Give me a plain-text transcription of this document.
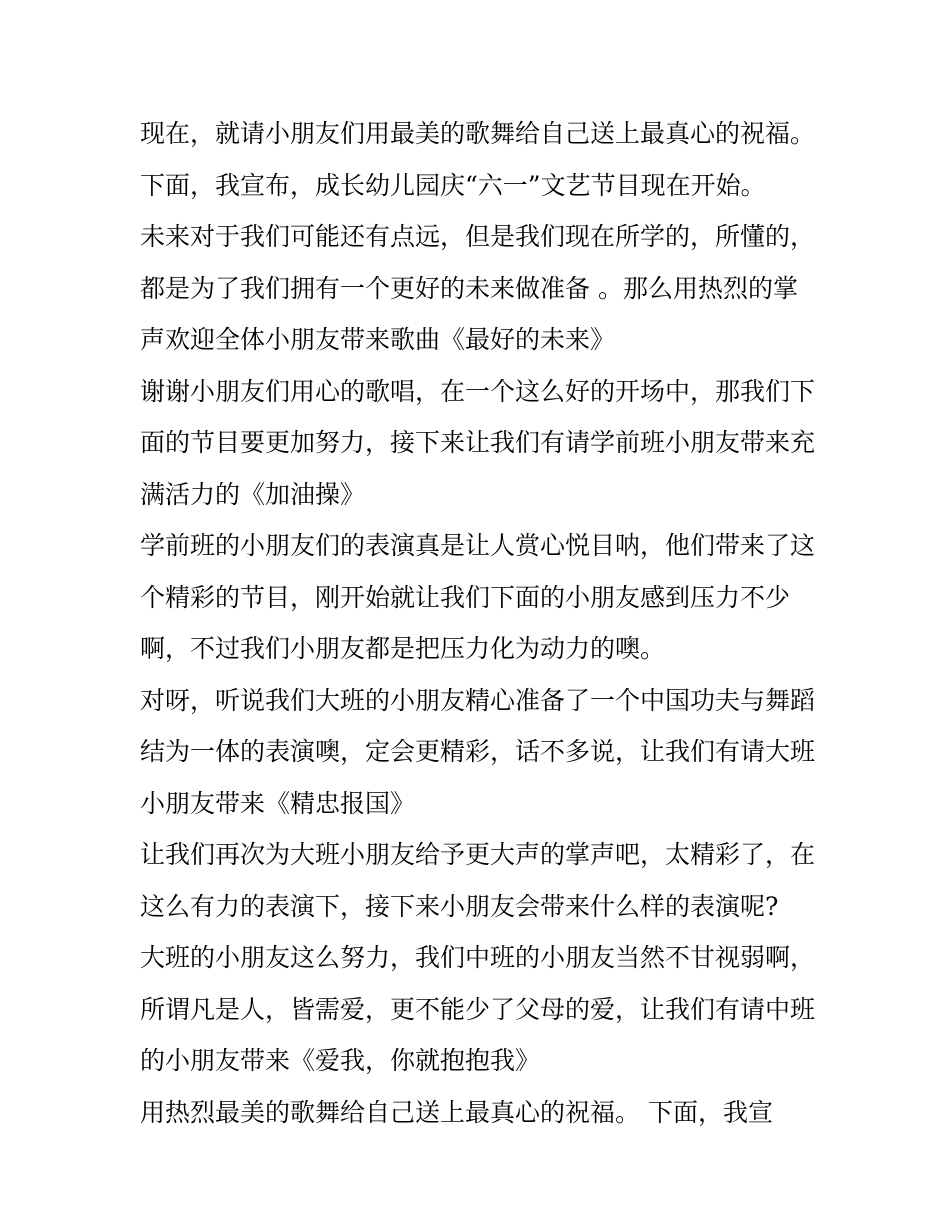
现在，就请小朋友们用最美的歌舞给自己送上最真心的祝福。
下面，我宣布，成长幼儿园庆“六一”文艺节目现在开始。
未来对于我们可能还有点远，但是我们现在所学的，所懂的，
都是为了我们拥有一个更好的未来做准备 。那么用热烈的掌
声欢迎全体小朋友带来歌曲《最好的未来》
谢谢小朋友们用心的歌唱，在一个这么好的开场中，那我们下
面的节目要更加努力，接下来让我们有请学前班小朋友带来充
满活力的《加油操》
学前班的小朋友们的表演真是让人赏心悦目呐，他们带来了这
个精彩的节目，刚开始就让我们下面的小朋友感到压力不少
啊，不过我们小朋友都是把压力化为动力的噢。
对呀，听说我们大班的小朋友精心准备了一个中国功夫与舞蹈
结为一体的表演噢，定会更精彩，话不多说，让我们有请大班
小朋友带来《精忠报国》
让我们再次为大班小朋友给予更大声的掌声吧，太精彩了，在
这么有力的表演下，接下来小朋友会带来什么样的表演呢?
大班的小朋友这么努力，我们中班的小朋友当然不甘视弱啊，
所谓凡是人，皆需爱，更不能少了父母的爱，让我们有请中班
的小朋友带来《爱我，你就抱抱我》
用热烈最美的歌舞给自己送上最真心的祝福。 下面，我宣
